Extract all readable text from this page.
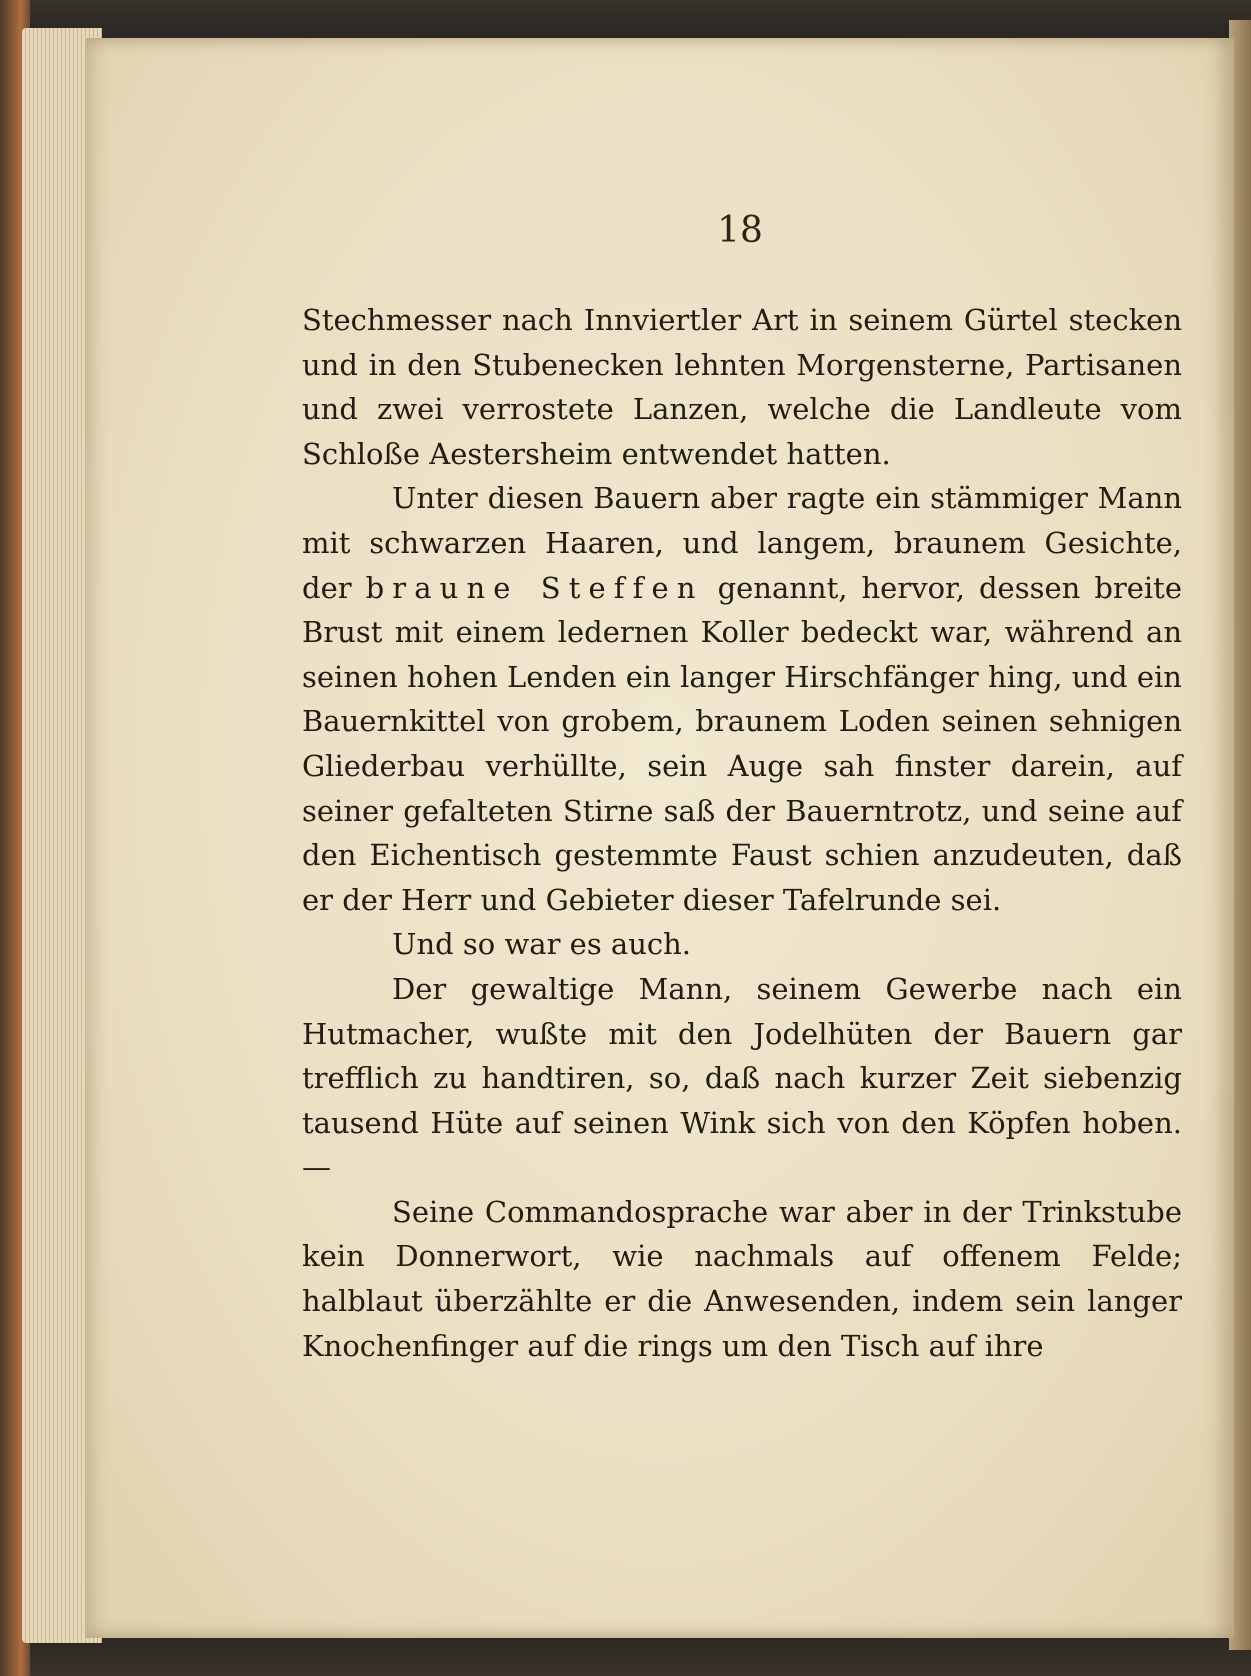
18

Stechmesser nach Innviertler Art in seinem Gürtel stecken und in den Stubenecken lehnten Morgensterne, Partisanen und zwei verrostete Lanzen, welche die Landleute vom Schloße Aestersheim entwendet hatten.

Unter diesen Bauern aber ragte ein stämmiger Mann mit schwarzen Haaren, und langem, braunem Gesichte, der braune Steffen genannt, hervor, dessen breite Brust mit einem ledernen Koller bedeckt war, während an seinen hohen Lenden ein langer Hirschfänger hing, und ein Bauernkittel von grobem, braunem Loden seinen sehnigen Gliederbau verhüllte, sein Auge sah finster darein, auf seiner gefalteten Stirne saß der Bauerntrotz, und seine auf den Eichentisch gestemmte Faust schien anzudeuten, daß er der Herr und Gebieter dieser Tafelrunde sei.

Und so war es auch.

Der gewaltige Mann, seinem Gewerbe nach ein Hutmacher, wußte mit den Jodelhüten der Bauern gar trefflich zu handtiren, so, daß nach kurzer Zeit siebenzig tausend Hüte auf seinen Wink sich von den Köpfen hoben. —

Seine Commandosprache war aber in der Trinkstube kein Donnerwort, wie nachmals auf offenem Felde; halblaut überzählte er die Anwesenden, indem sein langer Knochenfinger auf die rings um den Tisch auf ihre
